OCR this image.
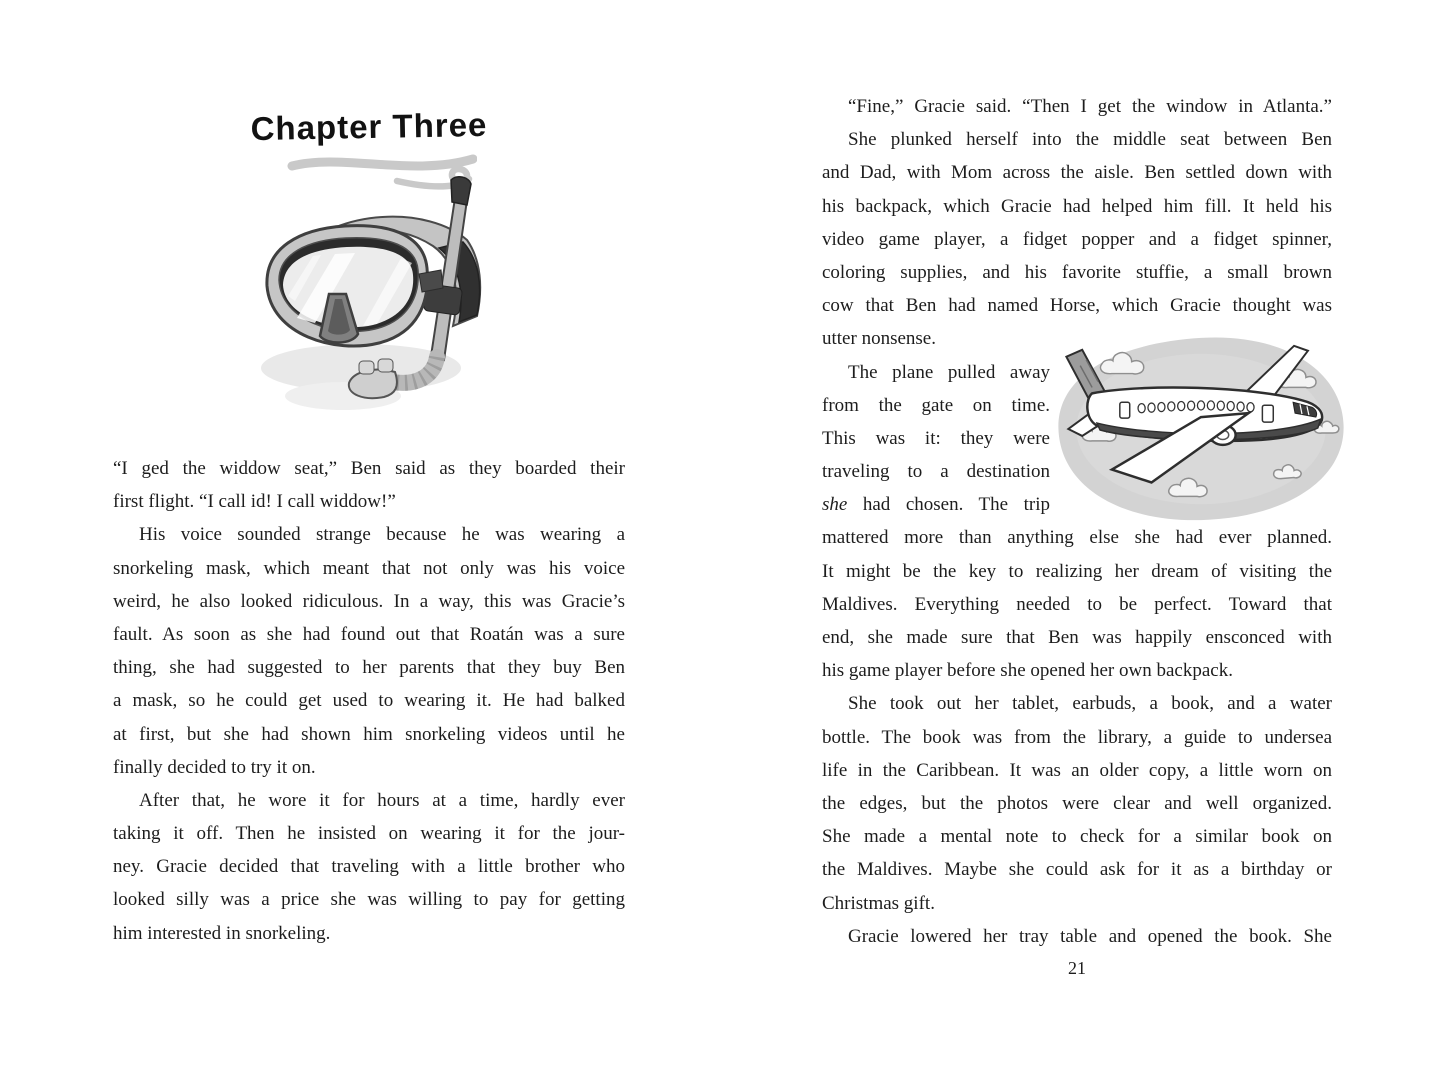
Chapter Three
“I ged the widdow seat,” Ben said as they boarded their
first flight. “I call id! I call widdow!”
His voice sounded strange because he was wearing a
snorkeling mask, which meant that not only was his voice
weird, he also looked ridiculous. In a way, this was Gracie’s
fault. As soon as she had found out that Roatán was a sure
thing, she had suggested to her parents that they buy Ben
a mask, so he could get used to wearing it. He had balked
at first, but she had shown him snorkeling videos until he
finally decided to try it on.
After that, he wore it for hours at a time, hardly ever
taking it off. Then he insisted on wearing it for the jour-
ney. Gracie decided that traveling with a little brother who
looked silly was a price she was willing to pay for getting
him interested in snorkeling.
“Fine,” Gracie said. “Then I get the window in Atlanta.”
She plunked herself into the middle seat between Ben
and Dad, with Mom across the aisle. Ben settled down with
his backpack, which Gracie had helped him fill. It held his
video game player, a fidget popper and a fidget spinner,
coloring supplies, and his favorite stuffie, a small brown
cow that Ben had named Horse, which Gracie thought was
utter nonsense.
The plane pulled away
from the gate on time.
This was it: they were
traveling to a destination
she had chosen. The trip
mattered more than anything else she had ever planned.
It might be the key to realizing her dream of visiting the
Maldives. Everything needed to be perfect. Toward that
end, she made sure that Ben was happily ensconced with
his game player before she opened her own backpack.
She took out her tablet, earbuds, a book, and a water
bottle. The book was from the library, a guide to undersea
life in the Caribbean. It was an older copy, a little worn on
the edges, but the photos were clear and well organized.
She made a mental note to check for a similar book on
the Maldives. Maybe she could ask for it as a birthday or
Christmas gift.
Gracie lowered her tray table and opened the book. She
21
